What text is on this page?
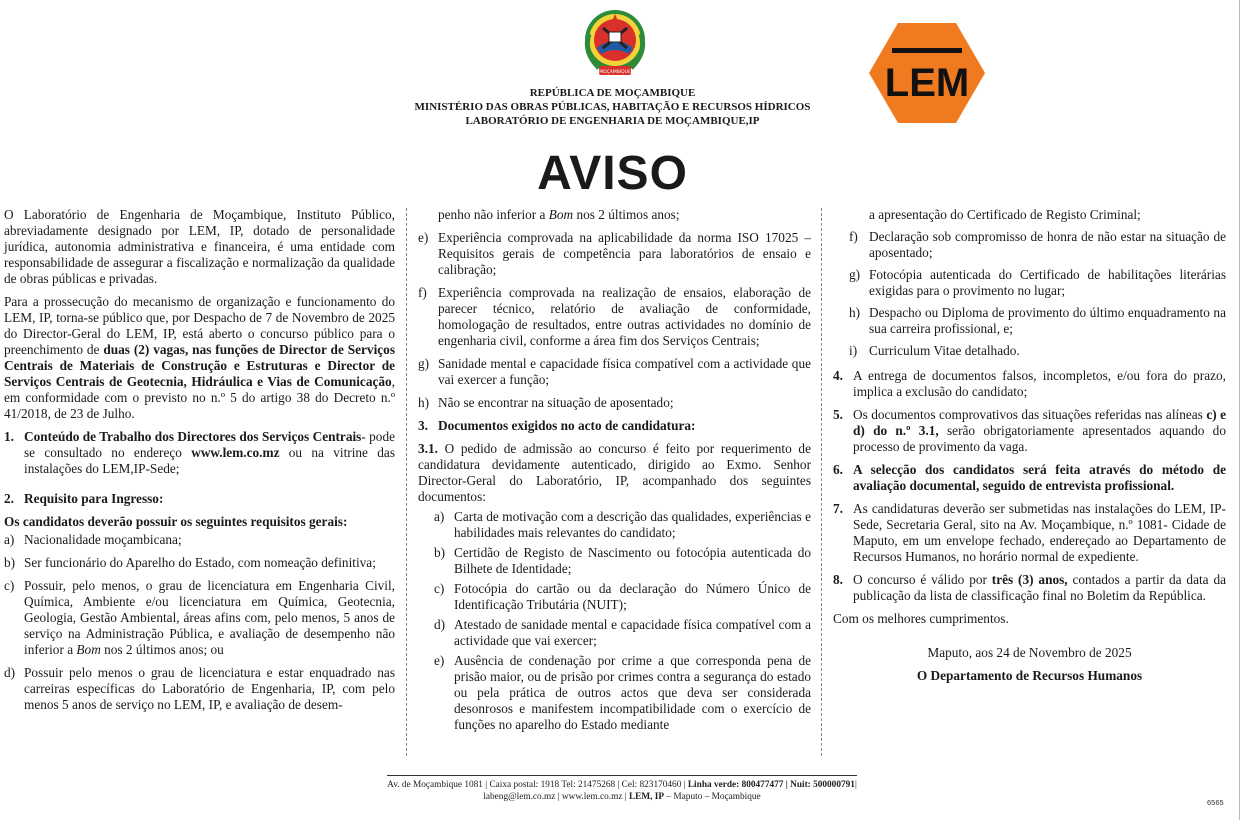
MOÇAMBIQUE	LEM
REPÚBLICA DE MOÇAMBIQUE
MINISTÉRIO DAS OBRAS PÚBLICAS, HABITAÇÃO E RECURSOS HÍDRICOS
LABORATÓRIO DE ENGENHARIA DE MOÇAMBIQUE,IP
AVISO
O Laboratório de Engenharia de Moçambique, Instituto Público, abreviadamente designado por LEM, IP, dotado de personalidade jurídica, autonomia administrativa e financeira, é uma entidade com responsabilidade de assegurar a fiscalização e normalização da qualidade de obras públicas e privadas.
Para a prossecução do mecanismo de organização e funcionamento do LEM, IP, torna-se público que, por Despacho de 7 de Novembro de 2025 do Director-Geral do LEM, IP, está aberto o concurso público para o preenchimento de duas (2) vagas, nas funções de Director de Serviços Centrais de Materiais de Construção e Estruturas e Director de Serviços Centrais de Geotecnia, Hidráulica e Vias de Comunicação, em conformidade com o previsto no n.º 5 do artigo 38 do Decreto n.º 41/2018, de 23 de Julho.
1. Conteúdo de Trabalho dos Directores dos Serviços Centrais- pode se consultado no endereço www.lem.co.mz ou na vitrine das instalações do LEM,IP-Sede;
2. Requisito para Ingresso:
Os candidatos deverão possuir os seguintes requisitos gerais:
a) Nacionalidade moçambicana;
b) Ser funcionário do Aparelho do Estado, com nomeação definitiva;
c) Possuir, pelo menos, o grau de licenciatura em Engenharia Civil, Química, Ambiente e/ou licenciatura em Química, Geotecnia, Geologia, Gestão Ambiental, áreas afins com, pelo menos, 5 anos de serviço na Administração Pública, e avaliação de desempenho não inferior a Bom nos 2 últimos anos; ou
d) Possuir pelo menos o grau de licenciatura e estar enquadrado nas carreiras específicas do Laboratório de Engenharia, IP, com pelo menos 5 anos de serviço no LEM, IP, e avaliação de desem-
penho não inferior a Bom nos 2 últimos anos;
e) Experiência comprovada na aplicabilidade da norma ISO 17025 – Requisitos gerais de competência para laboratórios de ensaio e calibração;
f) Experiência comprovada na realização de ensaios, elaboração de parecer técnico, relatório de avaliação de conformidade, homologação de resultados, entre outras actividades no domínio de engenharia civil, conforme a área fim dos Serviços Centrais;
g) Sanidade mental e capacidade física compatível com a actividade que vai exercer a função;
h) Não se encontrar na situação de aposentado;
3. Documentos exigidos no acto de candidatura:
3.1. O pedido de admissão ao concurso é feito por requerimento de candidatura devidamente autenticado, dirigido ao Exmo. Senhor Director-Geral do Laboratório, IP, acompanhado dos seguintes documentos:
a) Carta de motivação com a descrição das qualidades, experiências e habilidades mais relevantes do candidato;
b) Certidão de Registo de Nascimento ou fotocópia autenticada do Bilhete de Identidade;
c) Fotocópia do cartão ou da declaração do Número Único de Identificação Tributária (NUIT);
d) Atestado de sanidade mental e capacidade física compatível com a actividade que vai exercer;
e) Ausência de condenação por crime a que corresponda pena de prisão maior, ou de prisão por crimes contra a segurança do estado ou pela prática de outros actos que deva ser considerada desonrosos e manifestem incompatibilidade com o exercício de funções no aparelho do Estado mediante
a apresentação do Certificado de Registo Criminal;
f) Declaração sob compromisso de honra de não estar na situação de aposentado;
g) Fotocópia autenticada do Certificado de habilitações literárias exigidas para o provimento no lugar;
h) Despacho ou Diploma de provimento do último enquadramento na sua carreira profissional, e;
i) Curriculum Vitae detalhado.
4. A entrega de documentos falsos, incompletos, e/ou fora do prazo, implica a exclusão do candidato;
5. Os documentos comprovativos das situações referidas nas alíneas c) e d) do n.º 3.1, serão obrigatoriamente apresentados aquando do processo de provimento da vaga.
6. A selecção dos candidatos será feita através do método de avaliação documental, seguido de entrevista profissional.
7. As candidaturas deverão ser submetidas nas instalações do LEM, IP- Sede, Secretaria Geral, sito na Av. Moçambique, n.º 1081- Cidade de Maputo, em um envelope fechado, endereçado ao Departamento de Recursos Humanos, no horário normal de expediente.
8. O concurso é válido por três (3) anos, contados a partir da data da publicação da lista de classificação final no Boletim da República.
Com os melhores cumprimentos.
Maputo, aos 24 de Novembro de 2025
O Departamento de Recursos Humanos
Av. de Moçambique 1081 | Caixa postal: 1918 Tel: 21475268 | Cel: 823170460 | Linha verde: 800477477 | Nuit: 500000791| labeng@lem.co.mz | www.lem.co.mz | LEM, IP – Maputo – Moçambique
6565
